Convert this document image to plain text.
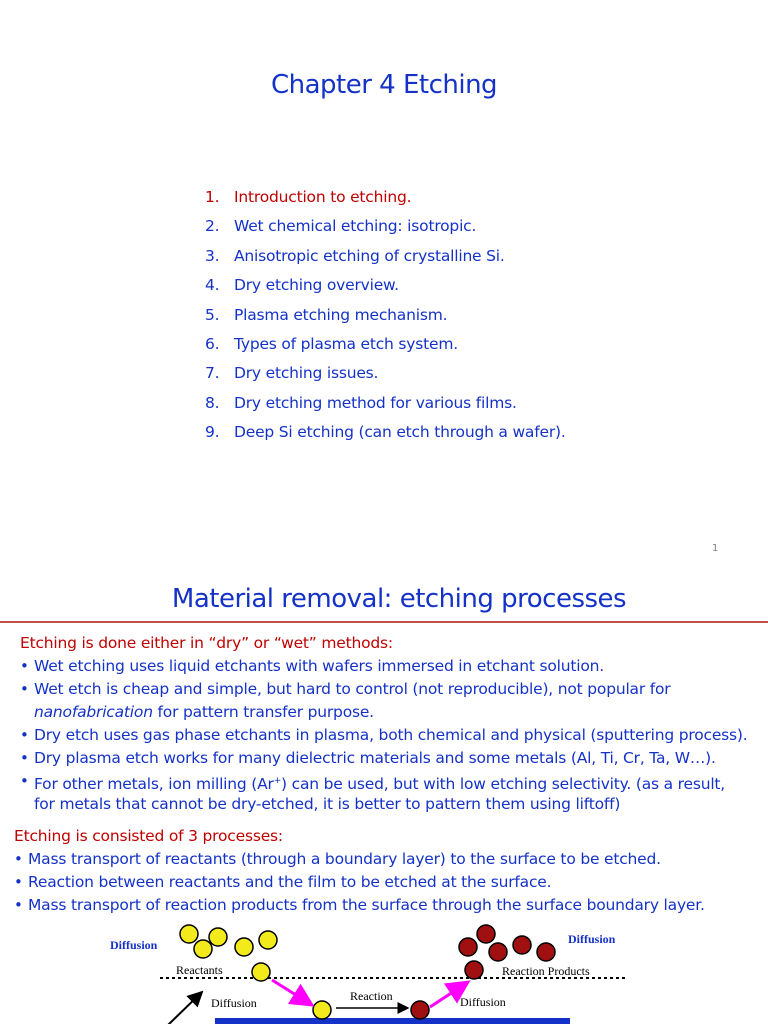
Chapter 4 Etching
1. Introduction to etching.
2. Wet chemical etching: isotropic.
3. Anisotropic etching of crystalline Si.
4. Dry etching overview.
5. Plasma etching mechanism.
6. Types of plasma etch system.
7. Dry etching issues.
8. Dry etching method for various films.
9. Deep Si etching (can etch through a wafer).
1
Material removal: etching processes
Etching is done either in “dry” or “wet” methods:
• Wet etching uses liquid etchants with wafers immersed in etchant solution.
• Wet etch is cheap and simple, but hard to control (not reproducible), not popular for
nanofabrication for pattern transfer purpose.
• Dry etch uses gas phase etchants in plasma, both chemical and physical (sputtering process).
• Dry plasma etch works for many dielectric materials and some metals (Al, Ti, Cr, Ta, W…).
• For other metals, ion milling (Ar+) can be used, but with low etching selectivity. (as a result,
for metals that cannot be dry-etched, it is better to pattern them using liftoff)
Etching is consisted of 3 processes:
• Mass transport of reactants (through a boundary layer) to the surface to be etched.
• Reaction between reactants and the film to be etched at the surface.
• Mass transport of reaction products from the surface through the surface boundary layer.
Diffusion
Reactants
Diffusion	Reaction	Diffusion
Reaction Products
Diffusion
